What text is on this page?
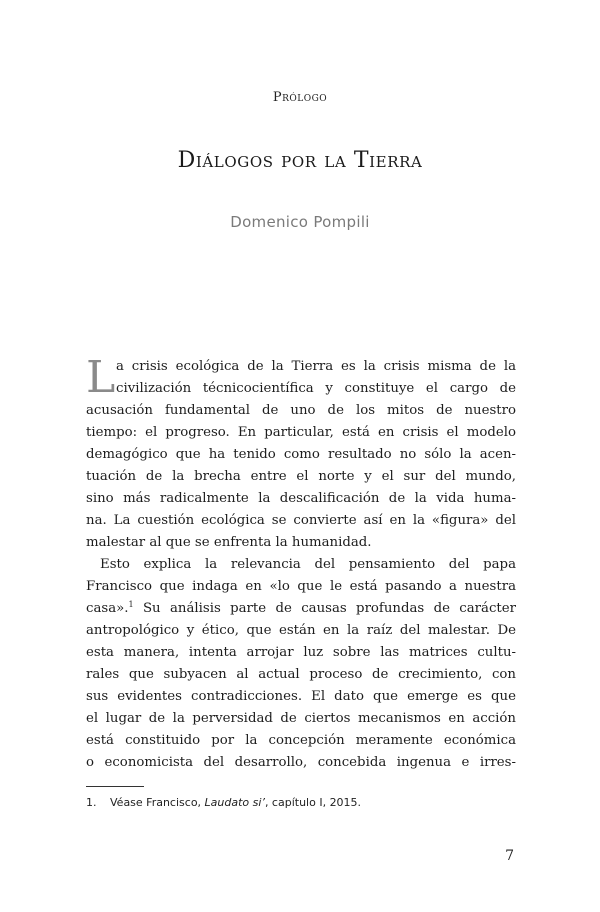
Prólogo
Diálogos por la Tierra
Domenico Pompili
L a crisis ecológica de la Tierra es la crisis misma de la
civilización técnicocientífica y constituye el cargo de
acusación fundamental de uno de los mitos de nuestro
tiempo: el progreso. En particular, está en crisis el modelo
demagógico que ha tenido como resultado no sólo la acen-
tuación de la brecha entre el norte y el sur del mundo,
sino más radicalmente la descalificación de la vida huma-
na. La cuestión ecológica se convierte así en la «figura» del
malestar al que se enfrenta la humanidad.
Esto explica la relevancia del pensamiento del papa
Francisco que indaga en «lo que le está pasando a nuestra
casa».$^1$ Su análisis parte de causas profundas de carácter
antropológico y ético, que están en la raíz del malestar. De
esta manera, intenta arrojar luz sobre las matrices cultu-
rales que subyacen al actual proceso de crecimiento, con
sus evidentes contradicciones. El dato que emerge es que
el lugar de la perversidad de ciertos mecanismos en acción
está constituido por la concepción meramente económica
o economicista del desarrollo, concebida ingenua e irres-
1. Véase Francisco, Laudato si’, capítulo I, 2015.
7
